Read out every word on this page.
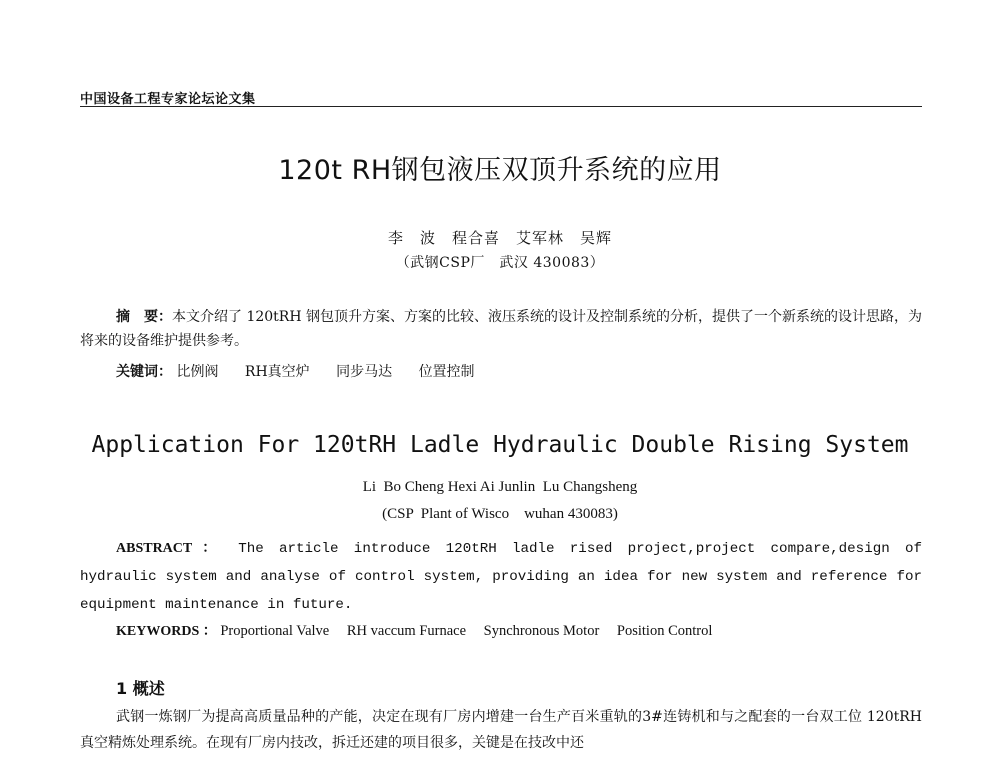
中国设备工程专家论坛论文集
120t RH钢包液压双顶升系统的应用
李　波　程合喜　艾军林　吴辉
（武钢CSP厂　武汉 430083）
摘　要：本文介绍了 120tRH 钢包顶升方案、方案的比较、液压系统的设计及控制系统的分析，提供了一个新系统的设计思路，为将来的设备维护提供参考。
关键词： 比例阀 RH真空炉 同步马达 位置控制
Application For 120tRH Ladle Hydraulic Double Rising System
Li  Bo Cheng Hexi Ai Junlin  Lu Changsheng
(CSP  Plant of Wisco    wuhan 430083)
ABSTRACT ： The article introduce 120tRH ladle rised project,project compare,design of hydraulic system and analyse of control system, providing an idea for new system and reference for equipment maintenance in future.
KEYWORDS ： Proportional Valve RH vaccum Furnace Synchronous Motor Position Control
1 概述
武钢一炼钢厂为提高高质量品种的产能，决定在现有厂房内增建一台生产百米重轨的3#连铸机和与之配套的一台双工位 120tRH 真空精炼处理系统。在现有厂房内技改，拆迁还建的项目很多，关键是在技改中还
